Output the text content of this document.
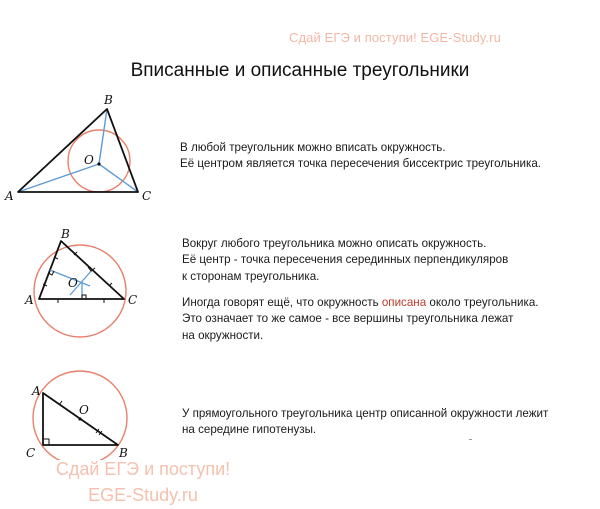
Сдай ЕГЭ и поступи! EGE-Study.ru
Вписанные и описанные треугольники
A
B
C
O
В любой треугольник можно вписать окружность.
Её центром является точка пересечения биссектрис треугольника.
A
B
C
O
Вокруг любого треугольника можно описать окружность.
Её центр - точка пересечения серединных перпендикуляров
к сторонам треугольника.
Иногда говорят ещё, что окружность описана около треугольника.
Это означает то же самое - все вершины треугольника лежат
на окружности.
A
B
C
O	У прямоугольного треугольника центр описанной окружности лежит
на середине гипотенузы.
Сдай ЕГЭ и поступи!
EGE-Study.ru
